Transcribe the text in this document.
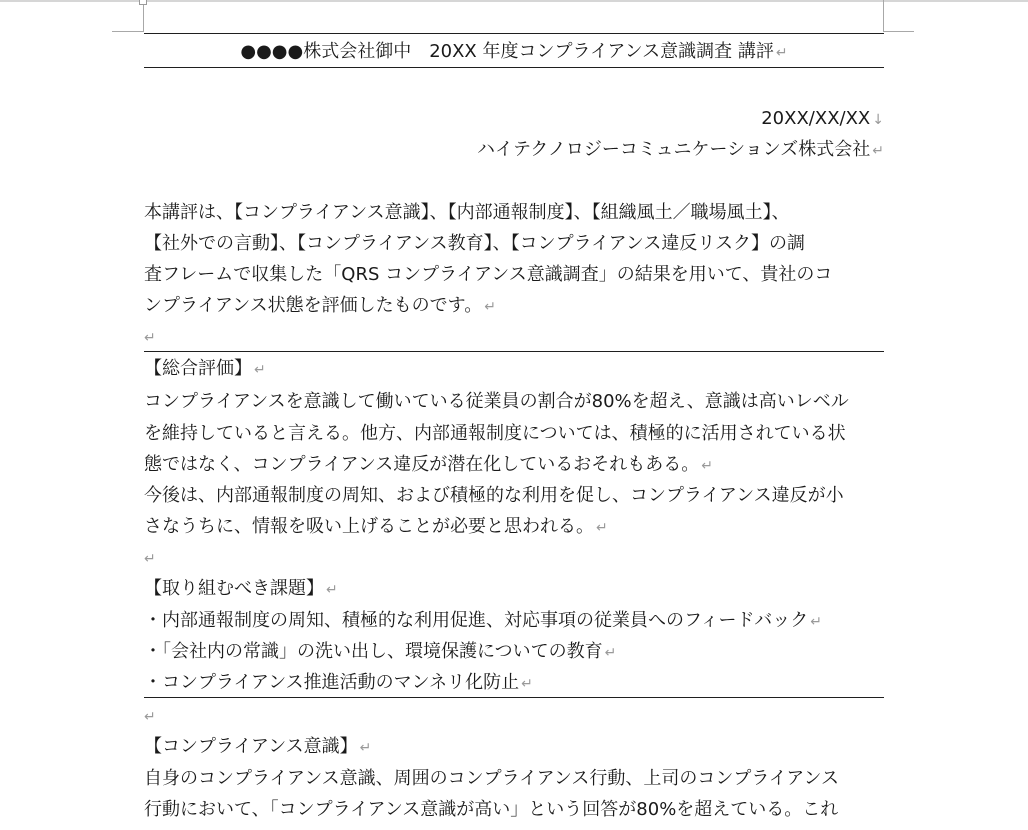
●●●●株式会社御中　20XX 年度コンプライアンス意識調査 講評 ↵
20XX/XX/XX ↓
ハイテクノロジーコミュニケーションズ株式会社 ↵
本講評は、【コンプライアンス意識】、【内部通報制度】、【組織風土／職場風土】、
【社外での言動】、【コンプライアンス教育】、【コンプライアンス違反リスク】の調
査フレームで収集した「QRS コンプライアンス意識調査」の結果を用いて、貴社のコ
ンプライアンス状態を評価したものです。 ↵
↵
【総合評価】 ↵
コンプライアンスを意識して働いている従業員の割合が80%を超え、意識は高いレベル
を維持していると言える。他方、内部通報制度については、積極的に活用されている状
態ではなく、コンプライアンス違反が潜在化しているおそれもある。 ↵
今後は、内部通報制度の周知、および積極的な利用を促し、コンプライアンス違反が小
さなうちに、情報を吸い上げることが必要と思われる。 ↵
↵
【取り組むべき課題】 ↵
・内部通報制度の周知、積極的な利用促進、対応事項の従業員へのフィードバック ↵
・「会社内の常識」の洗い出し、環境保護についての教育 ↵
・コンプライアンス推進活動のマンネリ化防止 ↵
↵
【コンプライアンス意識】 ↵
自身のコンプライアンス意識、周囲のコンプライアンス行動、上司のコンプライアンス
行動において、「コンプライアンス意識が高い」という回答が80%を超えている。これ
